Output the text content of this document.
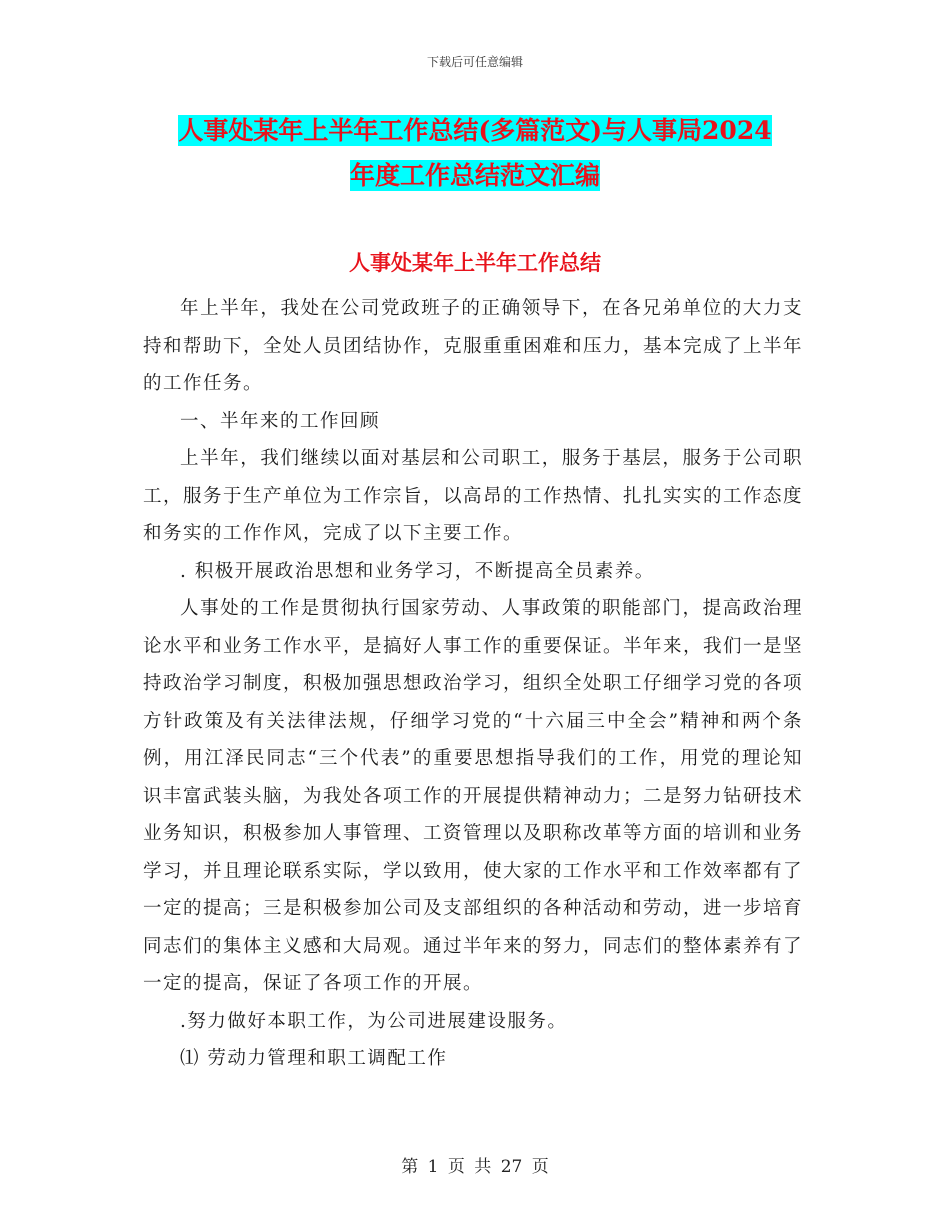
下载后可任意编辑
人事处某年上半年工作总结(多篇范文)与人事局2024
年度工作总结范文汇编
人事处某年上半年工作总结

年上半年，我处在公司党政班子的正确领导下，在各兄弟单位的大力支持和帮助下，全处人员团结协作，克服重重困难和压力，基本完成了上半年的工作任务。

一、半年来的工作回顾

上半年，我们继续以面对基层和公司职工，服务于基层，服务于公司职工，服务于生产单位为工作宗旨，以高昂的工作热情、扎扎实实的工作态度和务实的工作作风，完成了以下主要工作。

. 积极开展政治思想和业务学习，不断提高全员素养。

人事处的工作是贯彻执行国家劳动、人事政策的职能部门，提高政治理论水平和业务工作水平，是搞好人事工作的重要保证。半年来，我们一是坚持政治学习制度，积极加强思想政治学习，组织全处职工仔细学习党的各项方针政策及有关法律法规，仔细学习党的“十六届三中全会”精神和两个条例，用江泽民同志“三个代表”的重要思想指导我们的工作，用党的理论知识丰富武装头脑，为我处各项工作的开展提供精神动力；二是努力钻研技术业务知识，积极参加人事管理、工资管理以及职称改革等方面的培训和业务学习，并且理论联系实际，学以致用，使大家的工作水平和工作效率都有了一定的提高；三是积极参加公司及支部组织的各种活动和劳动，进一步培育同志们的集体主义感和大局观。通过半年来的努力，同志们的整体素养有了一定的提高，保证了各项工作的开展。

.努力做好本职工作，为公司进展建设服务。

⑴ 劳动力管理和职工调配工作

第 1 页 共 27 页
